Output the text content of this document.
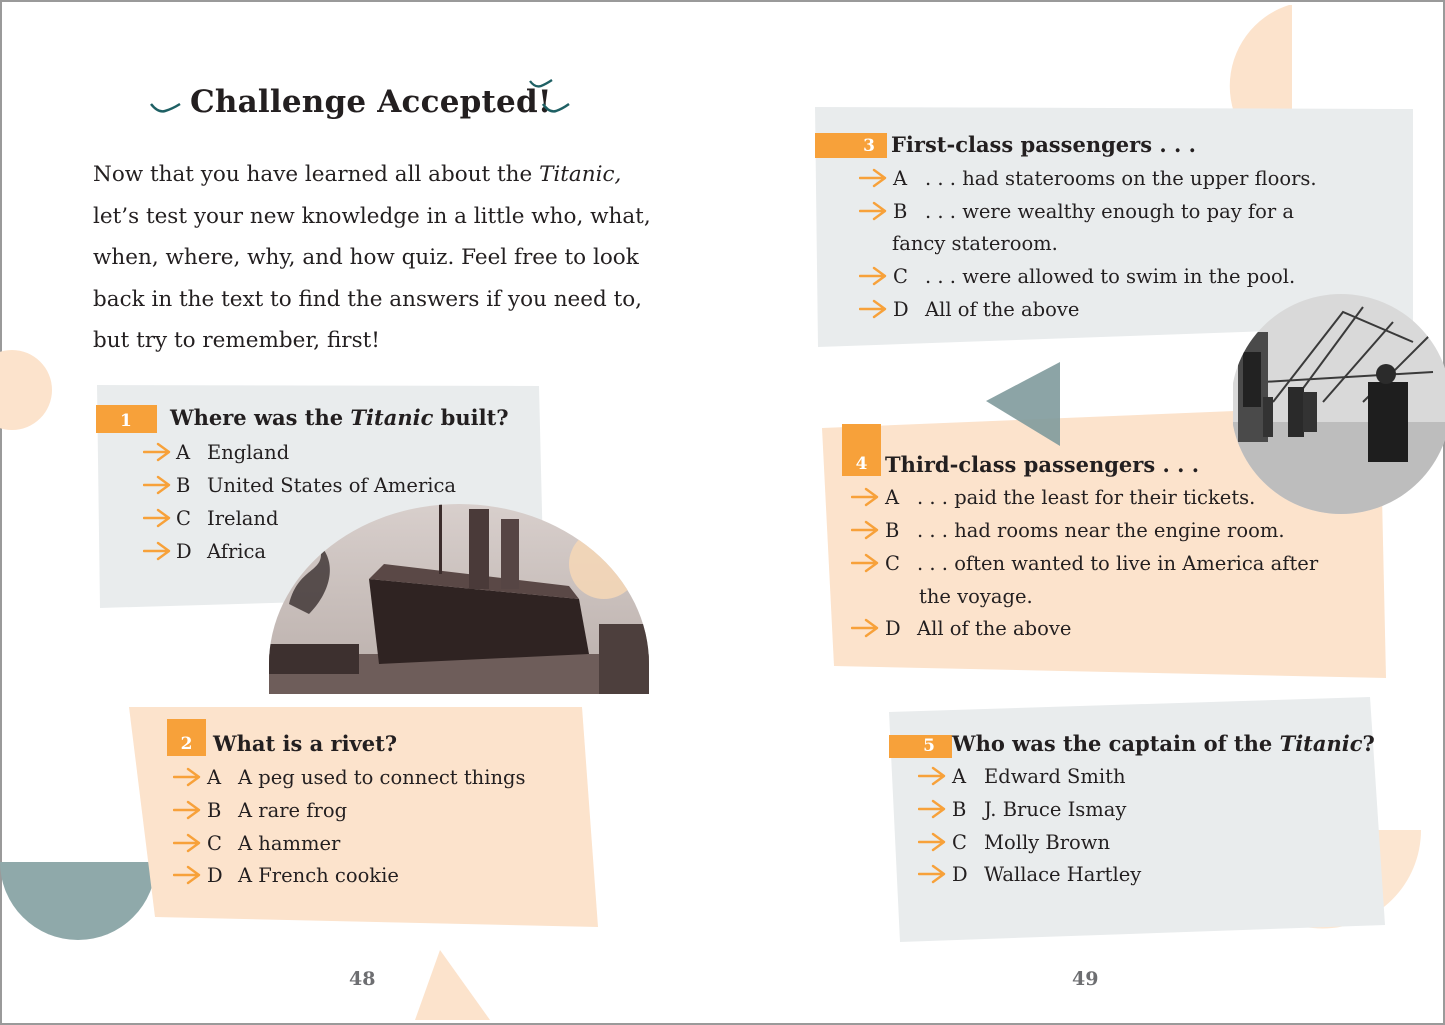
Challenge Accepted!
Now that you have learned all about the Titanic, let’s test your new knowledge in a little who, what, when, where, why, and how quiz. Feel free to look back in the text to find the answers if you need to, but try to remember, first!
1	Where was the Titanic built?
A England
B United States of America
C Ireland
D Africa
2 What is a rivet?
A A peg used to connect things
B A rare frog
C A hammer
D A French cookie
3 First-class passengers . . .
A . . . had staterooms on the upper floors.
B . . . were wealthy enough to pay for a
fancy stateroom.
C . . . were allowed to swim in the pool.
D All of the above
4 Third-class passengers . . .
A . . . paid the least for their tickets.
B . . . had rooms near the engine room.
C . . . often wanted to live in America after
the voyage.
D All of the above
5 Who was the captain of the Titanic?
A Edward Smith
B J. Bruce Ismay
C Molly Brown
D Wallace Hartley
48	49
